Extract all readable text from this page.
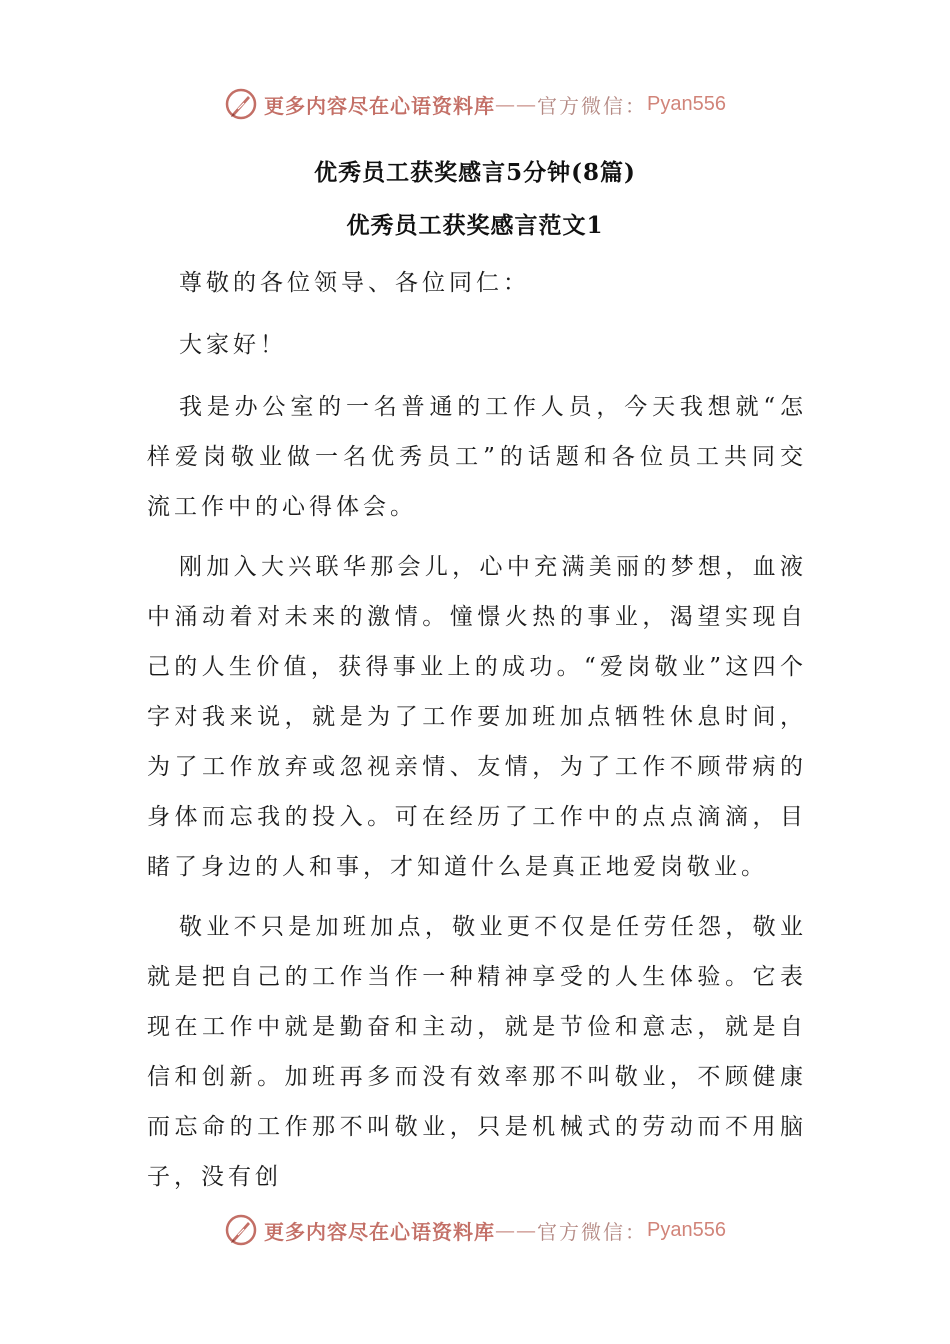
更多内容尽在心语资料库 —— 官方微信： Pyan556
优秀员工获奖感言5分钟(8篇)
优秀员工获奖感言范文1

尊敬的各位领导、各位同仁：

大家好！

我是办公室的一名普通的工作人员，今天我想就“怎样爱岗敬业做一名优秀员工”的话题和各位员工共同交流工作中的心得体会。

刚加入大兴联华那会儿，心中充满美丽的梦想，血液中涌动着对未来的激情。憧憬火热的事业，渴望实现自己的人生价值，获得事业上的成功。“爱岗敬业”这四个字对我来说，就是为了工作要加班加点牺牲休息时间，为了工作放弃或忽视亲情、友情，为了工作不顾带病的身体而忘我的投入。可在经历了工作中的点点滴滴，目睹了身边的人和事，才知道什么是真正地爱岗敬业。

敬业不只是加班加点，敬业更不仅是任劳任怨，敬业就是把自己的工作当作一种精神享受的人生体验。它表现在工作中就是勤奋和主动，就是节俭和意志，就是自信和创新。加班再多而没有效率那不叫敬业，不顾健康而忘命的工作那不叫敬业，只是机械式的劳动而不用脑子，没有创

更多内容尽在心语资料库 —— 官方微信： Pyan556
